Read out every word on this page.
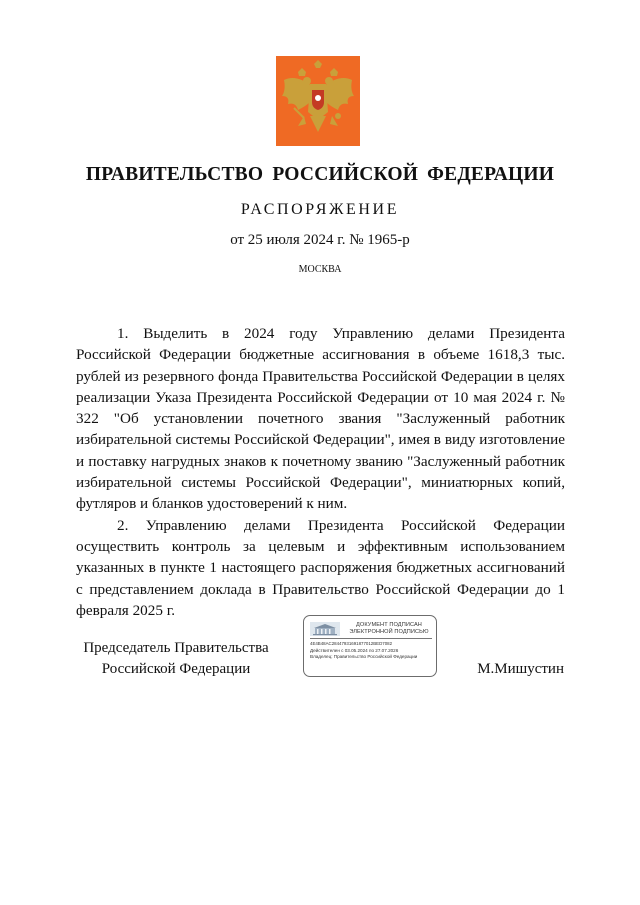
ПРАВИТЕЛЬСТВО РОССИЙСКОЙ ФЕДЕРАЦИИ
РАСПОРЯЖЕНИЕ
от 25 июля 2024 г. № 1965-р
МОСКВА

1. Выделить в 2024 году Управлению делами Президента Российской Федерации бюджетные ассигнования в объеме 1618,3 тыс. рублей из резервного фонда Правительства Российской Федерации в целях реализации Указа Президента Российской Федерации от 10 мая 2024 г. № 322 "Об установлении почетного звания "Заслуженный работник избирательной системы Российской Федерации", имея в виду изготовление и поставку нагрудных знаков к почетному званию "Заслуженный работник избирательной системы Российской Федерации", миниатюрных копий, футляров и бланков удостоверений к ним.

2. Управлению делами Президента Российской Федерации осуществить контроль за целевым и эффективным использованием указанных в пункте 1 настоящего распоряжения бюджетных ассигнований с представлением доклада в Правительство Российской Федерации до 1 февраля 2025 г.

Председатель Правительства
Российской Федерации
ДОКУМЕНТ ПОДПИСАН ЭЛЕКТРОННОЙ ПОДПИСЬЮ
4E4B48AC28447931691877012BED7082
Действителен с 03.05.2024 по 27.07.2026
Владелец: Правительство Российской Федерации
М.Мишустин
